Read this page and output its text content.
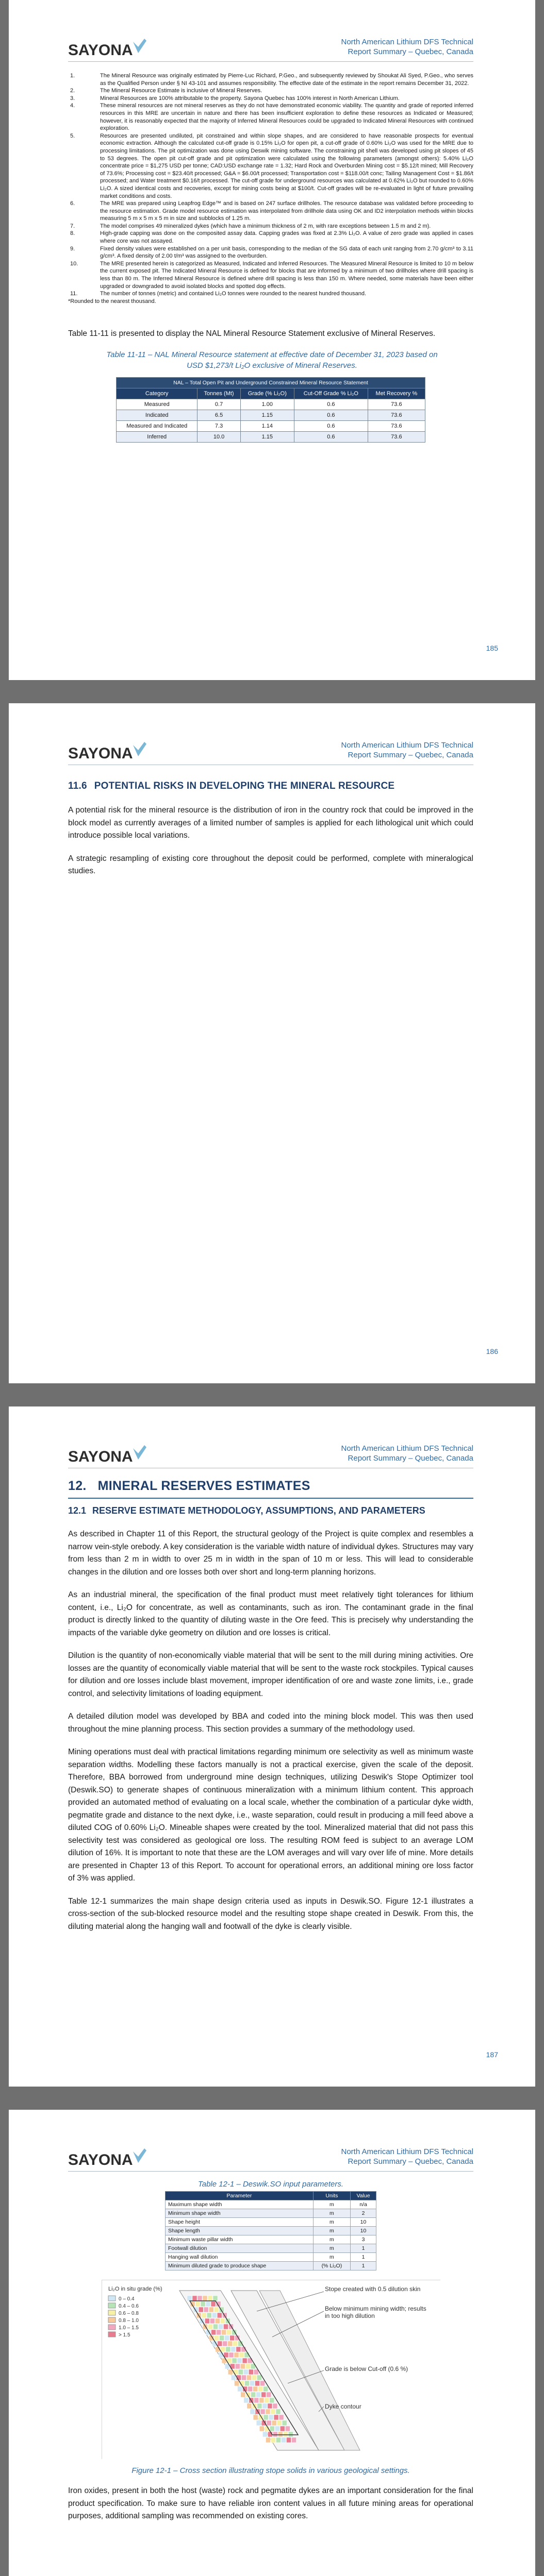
SAYONA	North American Lithium DFS Technical
Report Summary – Quebec, Canada
1.	The Mineral Resource was originally estimated by Pierre-Luc Richard, P.Geo., and subsequently reviewed by Shoukat Ali Syed, P.Geo., who serves as the Qualified Person under § NI 43-101 and assumes responsibility. The effective date of the estimate in the report remains December 31, 2022.
2.	The Mineral Resource Estimate is inclusive of Mineral Reserves.
3.	Mineral Resources are 100% attributable to the property. Sayona Quebec has 100% interest in North American Lithium.
4.	These mineral resources are not mineral reserves as they do not have demonstrated economic viability. The quantity and grade of reported inferred resources in this MRE are uncertain in nature and there has been insufficient exploration to define these resources as Indicated or Measured; however, it is reasonably expected that the majority of Inferred Mineral Resources could be upgraded to Indicated Mineral Resources with continued exploration.
5.	Resources are presented undiluted, pit constrained and within slope shapes, and are considered to have reasonable prospects for eventual economic extraction. Although the calculated cut-off grade is 0.15% Li₂O for open pit, a cut-off grade of 0.60% Li₂O was used for the MRE due to processing limitations. The pit optimization was done using Deswik mining software. The constraining pit shell was developed using pit slopes of 45 to 53 degrees. The open pit cut-off grade and pit optimization were calculated using the following parameters (amongst others): 5.40% Li₂O concentrate price = $1,275 USD per tonne; CAD:USD exchange rate = 1.32; Hard Rock and Overburden Mining cost = $5.12/t mined; Mill Recovery of 73.6%; Processing cost = $23.40/t processed; G&A = $6.00/t processed; Transportation cost = $118.00/t conc; Tailing Management Cost = $1.86/t processed; and Water treatment $0.16/t processed. The cut-off grade for underground resources was calculated at 0.62% Li₂O but rounded to 0.60% Li₂O. A sized identical costs and recoveries, except for mining costs being at $100/t. Cut-off grades will be re-evaluated in light of future prevailing market conditions and costs.
6.	The MRE was prepared using Leapfrog Edge™ and is based on 247 surface drillholes. The resource database was validated before proceeding to the resource estimation. Grade model resource estimation was interpolated from drillhole data using OK and ID2 interpolation methods within blocks measuring 5 m x 5 m x 5 m in size and subblocks of 1.25 m.
7.	The model comprises 49 mineralized dykes (which have a minimum thickness of 2 m, with rare exceptions between 1.5 m and 2 m).
8.	High-grade capping was done on the composited assay data. Capping grades was fixed at 2.3% Li₂O. A value of zero grade was applied in cases where core was not assayed.
9.	Fixed density values were established on a per unit basis, corresponding to the median of the SG data of each unit ranging from 2.70 g/cm³ to 3.11 g/cm³. A fixed density of 2.00 t/m³ was assigned to the overburden.
10.	The MRE presented herein is categorized as Measured, Indicated and Inferred Resources. The Measured Mineral Resource is limited to 10 m below the current exposed pit. The Indicated Mineral Resource is defined for blocks that are informed by a minimum of two drillholes where drill spacing is less than 80 m. The Inferred Mineral Resource is defined where drill spacing is less than 150 m. Where needed, some materials have been either upgraded or downgraded to avoid isolated blocks and spotted dog effects.
11.	The number of tonnes (metric) and contained Li₂O tonnes were rounded to the nearest hundred thousand.
*Rounded to the nearest thousand.

Table 11-11 is presented to display the NAL Mineral Resource Statement exclusive of Mineral Reserves.

Table 11-11 – NAL Mineral Resource statement at effective date of December 31, 2023 based on USD $1,273/t Li₂O exclusive of Mineral Reserves.
NAL – Total Open Pit and Underground Constrained Mineral Resource Statement				
Category	Tonnes (Mt)	Grade (% Li₂O)	Cut-Off Grade % Li₂O	Met Recovery %
Measured	0.7	1.00	0.6	73.6
Indicated	6.5	1.15	0.6	73.6
Measured and Indicated	7.3	1.14	0.6	73.6
Inferred	10.0	1.15	0.6	73.6
185
SAYONA	North American Lithium DFS Technical
Report Summary – Quebec, Canada
11.6 POTENTIAL RISKS IN DEVELOPING THE MINERAL RESOURCE

A potential risk for the mineral resource is the distribution of iron in the country rock that could be improved in the block model as currently averages of a limited number of samples is applied for each lithological unit which could introduce possible local variations.

A strategic resampling of existing core throughout the deposit could be performed, complete with mineralogical studies.

186
SAYONA	North American Lithium DFS Technical
Report Summary – Quebec, Canada
12. MINERAL RESERVES ESTIMATES
12.1 RESERVE ESTIMATE METHODOLOGY, ASSUMPTIONS, AND PARAMETERS

As described in Chapter 11 of this Report, the structural geology of the Project is quite complex and resembles a narrow vein-style orebody. A key consideration is the variable width nature of individual dykes. Structures may vary from less than 2 m in width to over 25 m in width in the span of 10 m or less. This will lead to considerable changes in the dilution and ore losses both over short and long-term planning horizons.

As an industrial mineral, the specification of the final product must meet relatively tight tolerances for lithium content, i.e., Li₂O for concentrate, as well as contaminants, such as iron. The contaminant grade in the final product is directly linked to the quantity of diluting waste in the Ore feed. This is precisely why understanding the impacts of the variable dyke geometry on dilution and ore losses is critical.

Dilution is the quantity of non-economically viable material that will be sent to the mill during mining activities. Ore losses are the quantity of economically viable material that will be sent to the waste rock stockpiles. Typical causes for dilution and ore losses include blast movement, improper identification of ore and waste zone limits, i.e., grade control, and selectivity limitations of loading equipment.

A detailed dilution model was developed by BBA and coded into the mining block model. This was then used throughout the mine planning process. This section provides a summary of the methodology used.

Mining operations must deal with practical limitations regarding minimum ore selectivity as well as minimum waste separation widths. Modelling these factors manually is not a practical exercise, given the scale of the deposit. Therefore, BBA borrowed from underground mine design techniques, utilizing Deswik's Stope Optimizer tool (Deswik.SO) to generate shapes of continuous mineralization with a minimum lithium content. This approach provided an automated method of evaluating on a local scale, whether the combination of a particular dyke width, pegmatite grade and distance to the next dyke, i.e., waste separation, could result in producing a mill feed above a diluted COG of 0.60% Li₂O. Mineable shapes were created by the tool. Mineralized material that did not pass this selectivity test was considered as geological ore loss. The resulting ROM feed is subject to an average LOM dilution of 16%. It is important to note that these are the LOM averages and will vary over life of mine. More details are presented in Chapter 13 of this Report. To account for operational errors, an additional mining ore loss factor of 3% was applied.

Table 12-1 summarizes the main shape design criteria used as inputs in Deswik.SO. Figure 12-1 illustrates a cross-section of the sub-blocked resource model and the resulting stope shape created in Deswik. From this, the diluting material along the hanging wall and footwall of the dyke is clearly visible.

187
SAYONA	North American Lithium DFS Technical
Report Summary – Quebec, Canada
Table 12-1 – Deswik.SO input parameters.
Parameter	Units	Value
Maximum shape width	m	n/a
Minimum shape width	m	2
Shape height	m	10
Shape length	m	10
Minimum waste pillar width	m	3
Footwall dilution	m	1
Hanging wall dilution	m	1
Minimum diluted grade to produce shape	(% Li₂O)	1
Li₂O in situ grade (%)
0 – 0.4
0.4 – 0.6
0.6 – 0.8
0.8 – 1.0
1.0 – 1.5
> 1.5
Stope created with 0.5 dilution skin
Below minimum mining width; results in too high dilution
Grade is below Cut-off (0.6 %)
Dyke contour
Figure 12-1 – Cross section illustrating stope solids in various geological settings.

Iron oxides, present in both the host (waste) rock and pegmatite dykes are an important consideration for the final product specification. To make sure to have reliable iron content values in all future mining areas for operational purposes, additional sampling was recommended on existing cores.
